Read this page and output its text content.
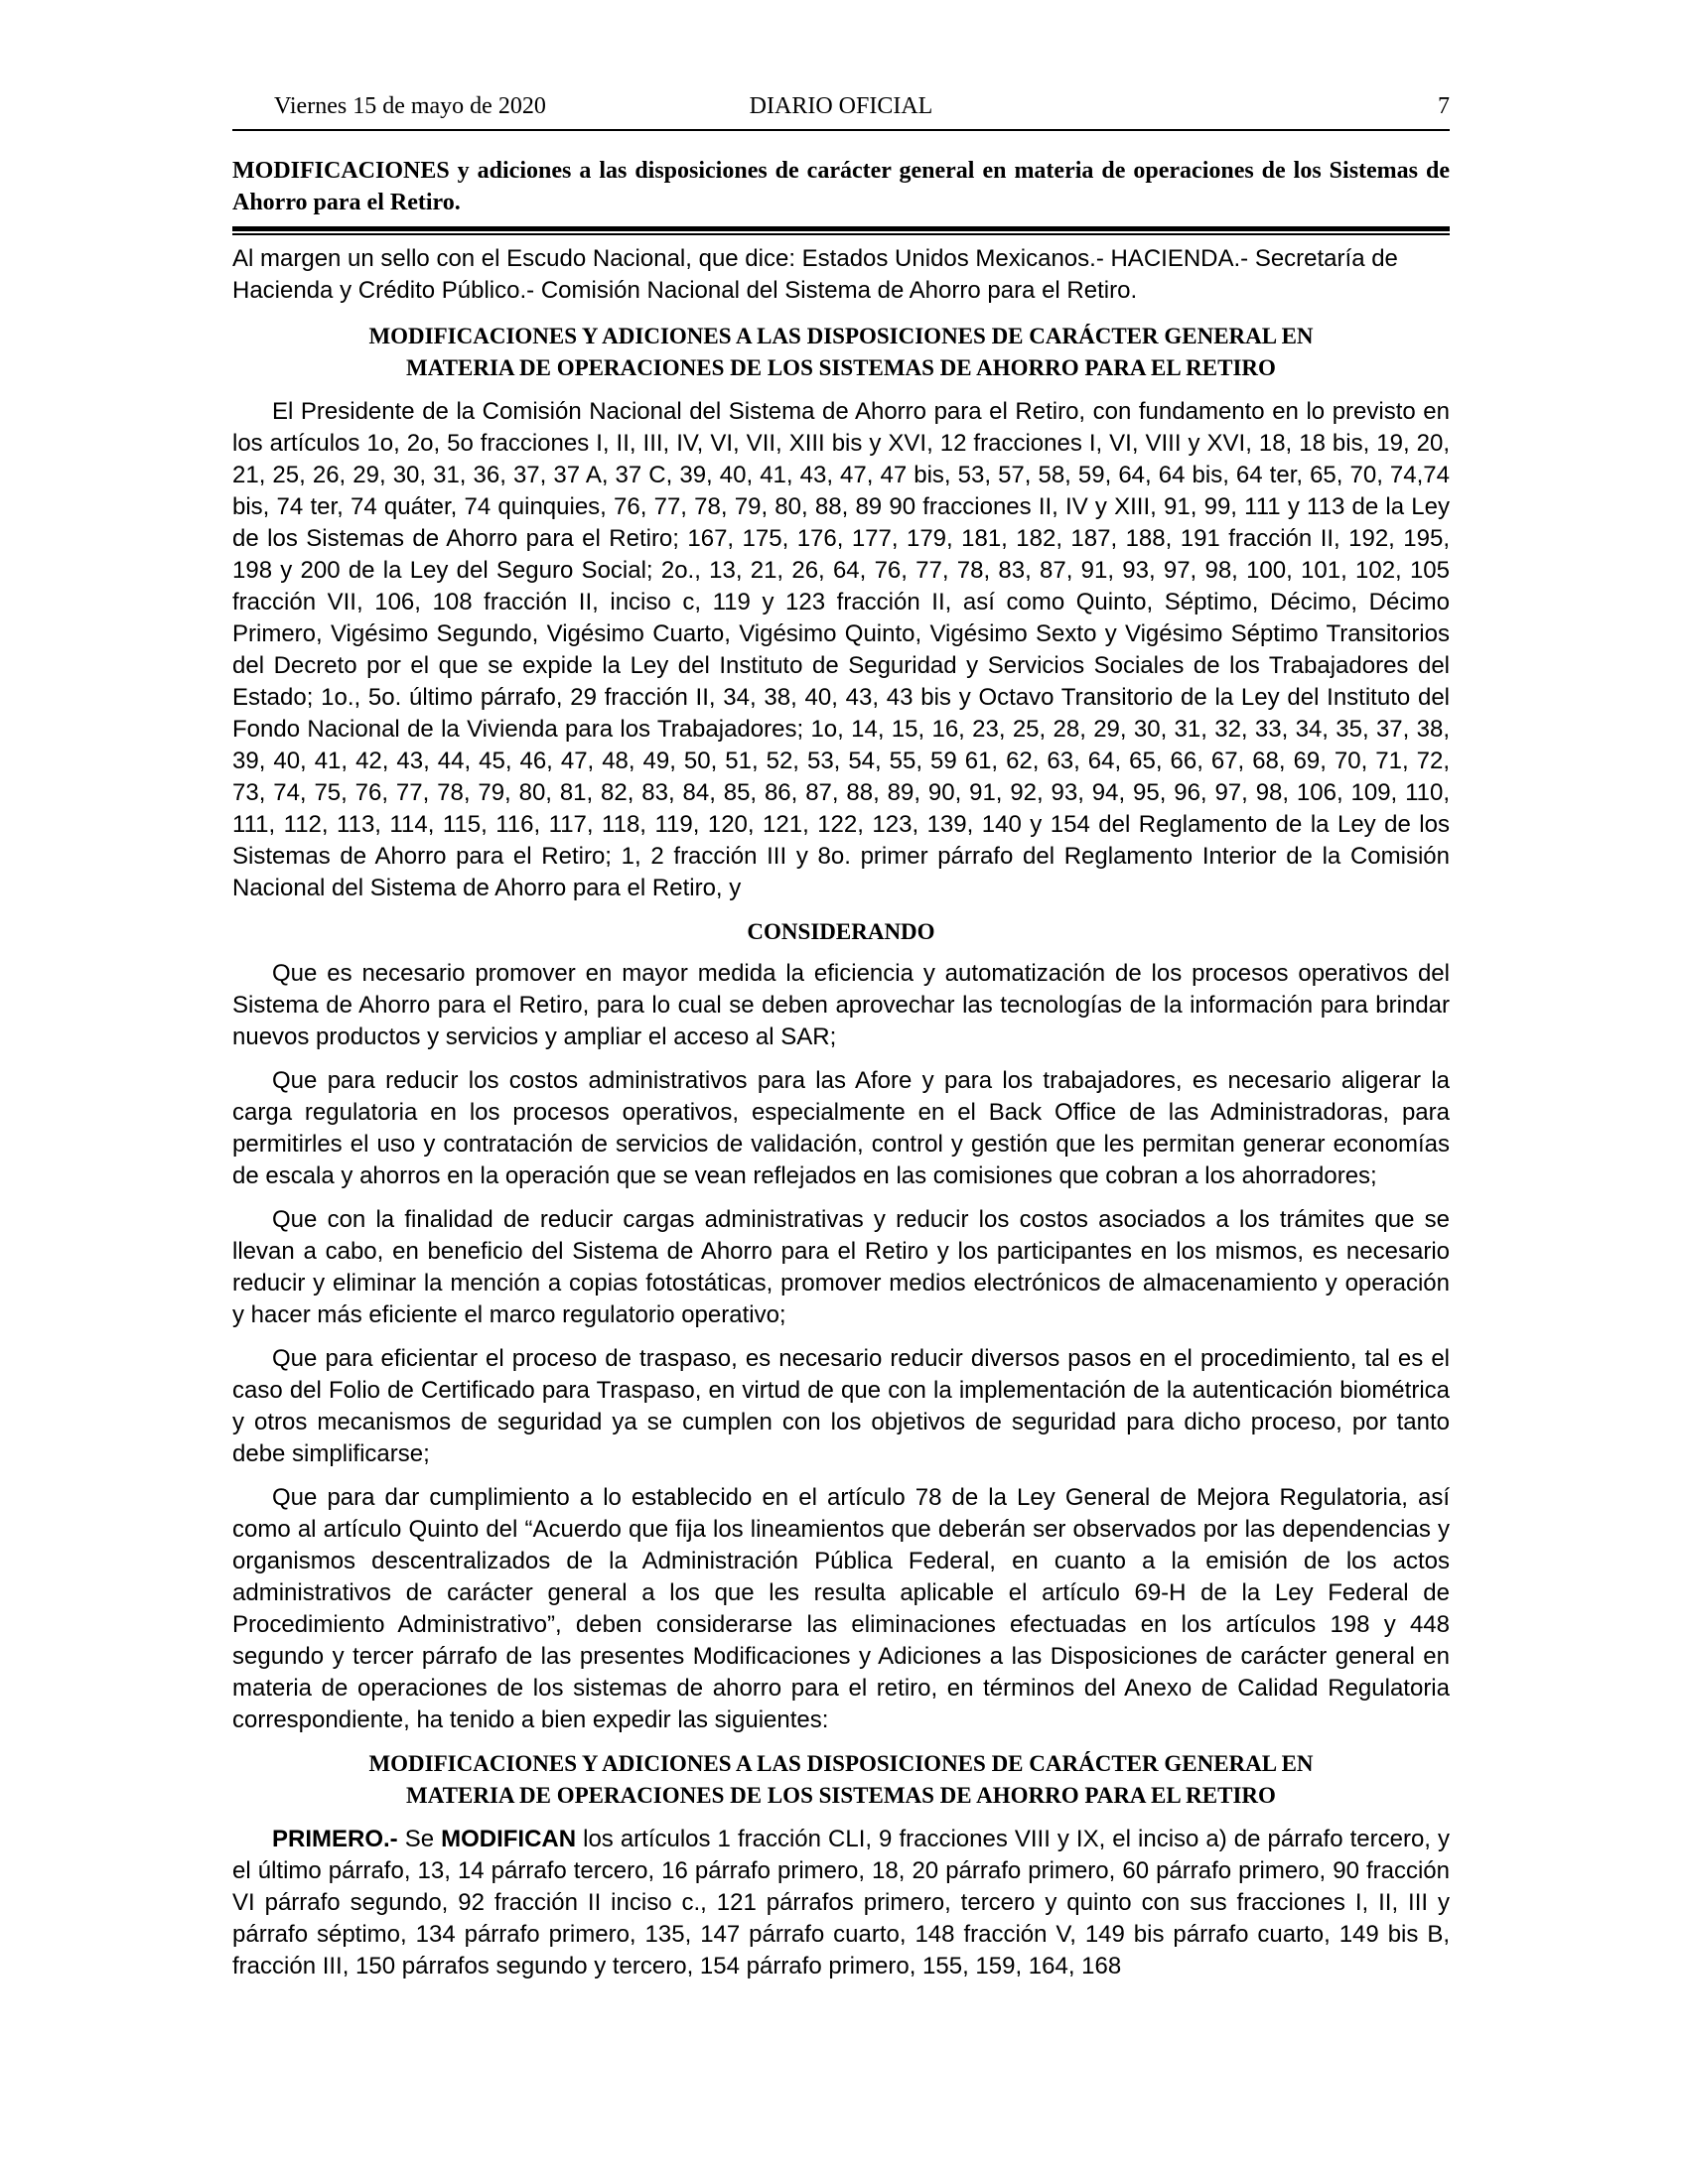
Viernes 15 de mayo de 2020	DIARIO OFICIAL	7
MODIFICACIONES y adiciones a las disposiciones de carácter general en materia de operaciones de los Sistemas de Ahorro para el Retiro.
Al margen un sello con el Escudo Nacional, que dice: Estados Unidos Mexicanos.- HACIENDA.- Secretaría de Hacienda y Crédito Público.- Comisión Nacional del Sistema de Ahorro para el Retiro.
MODIFICACIONES Y ADICIONES A LAS DISPOSICIONES DE CARÁCTER GENERAL EN
MATERIA DE OPERACIONES DE LOS SISTEMAS DE AHORRO PARA EL RETIRO

El Presidente de la Comisión Nacional del Sistema de Ahorro para el Retiro, con fundamento en lo previsto en los artículos 1o, 2o, 5o fracciones I, II, III, IV, VI, VII, XIII bis y XVI, 12 fracciones I, VI, VIII y XVI, 18, 18 bis, 19, 20, 21, 25, 26, 29, 30, 31, 36, 37, 37 A, 37 C, 39, 40, 41, 43, 47, 47 bis, 53, 57, 58, 59, 64, 64 bis, 64 ter, 65, 70, 74,74 bis, 74 ter, 74 quáter, 74 quinquies, 76, 77, 78, 79, 80, 88, 89 90 fracciones II, IV y XIII, 91, 99, 111 y 113 de la Ley de los Sistemas de Ahorro para el Retiro; 167, 175, 176, 177, 179, 181, 182, 187, 188, 191 fracción II, 192, 195, 198 y 200 de la Ley del Seguro Social; 2o., 13, 21, 26, 64, 76, 77, 78, 83, 87, 91, 93, 97, 98, 100, 101, 102, 105 fracción VII, 106, 108 fracción II, inciso c, 119 y 123 fracción II, así como Quinto, Séptimo, Décimo, Décimo Primero, Vigésimo Segundo, Vigésimo Cuarto, Vigésimo Quinto, Vigésimo Sexto y Vigésimo Séptimo Transitorios del Decreto por el que se expide la Ley del Instituto de Seguridad y Servicios Sociales de los Trabajadores del Estado; 1o., 5o. último párrafo, 29 fracción II, 34, 38, 40, 43, 43 bis y Octavo Transitorio de la Ley del Instituto del Fondo Nacional de la Vivienda para los Trabajadores; 1o, 14, 15, 16, 23, 25, 28, 29, 30, 31, 32, 33, 34, 35, 37, 38, 39, 40, 41, 42, 43, 44, 45, 46, 47, 48, 49, 50, 51, 52, 53, 54, 55, 59 61, 62, 63, 64, 65, 66, 67, 68, 69, 70, 71, 72, 73, 74, 75, 76, 77, 78, 79, 80, 81, 82, 83, 84, 85, 86, 87, 88, 89, 90, 91, 92, 93, 94, 95, 96, 97, 98, 106, 109, 110, 111, 112, 113, 114, 115, 116, 117, 118, 119, 120, 121, 122, 123, 139, 140 y 154 del Reglamento de la Ley de los Sistemas de Ahorro para el Retiro; 1, 2 fracción III y 8o. primer párrafo del Reglamento Interior de la Comisión Nacional del Sistema de Ahorro para el Retiro, y

CONSIDERANDO

Que es necesario promover en mayor medida la eficiencia y automatización de los procesos operativos del Sistema de Ahorro para el Retiro, para lo cual se deben aprovechar las tecnologías de la información para brindar nuevos productos y servicios y ampliar el acceso al SAR;

Que para reducir los costos administrativos para las Afore y para los trabajadores, es necesario aligerar la carga regulatoria en los procesos operativos, especialmente en el Back Office de las Administradoras, para permitirles el uso y contratación de servicios de validación, control y gestión que les permitan generar economías de escala y ahorros en la operación que se vean reflejados en las comisiones que cobran a los ahorradores;

Que con la finalidad de reducir cargas administrativas y reducir los costos asociados a los trámites que se llevan a cabo, en beneficio del Sistema de Ahorro para el Retiro y los participantes en los mismos, es necesario reducir y eliminar la mención a copias fotostáticas, promover medios electrónicos de almacenamiento y operación y hacer más eficiente el marco regulatorio operativo;

Que para eficientar el proceso de traspaso, es necesario reducir diversos pasos en el procedimiento, tal es el caso del Folio de Certificado para Traspaso, en virtud de que con la implementación de la autenticación biométrica y otros mecanismos de seguridad ya se cumplen con los objetivos de seguridad para dicho proceso, por tanto debe simplificarse;

Que para dar cumplimiento a lo establecido en el artículo 78 de la Ley General de Mejora Regulatoria, así como al artículo Quinto del “Acuerdo que fija los lineamientos que deberán ser observados por las dependencias y organismos descentralizados de la Administración Pública Federal, en cuanto a la emisión de los actos administrativos de carácter general a los que les resulta aplicable el artículo 69-H de la Ley Federal de Procedimiento Administrativo”, deben considerarse las eliminaciones efectuadas en los artículos 198 y 448 segundo y tercer párrafo de las presentes Modificaciones y Adiciones a las Disposiciones de carácter general en materia de operaciones de los sistemas de ahorro para el retiro, en términos del Anexo de Calidad Regulatoria correspondiente, ha tenido a bien expedir las siguientes:

MODIFICACIONES Y ADICIONES A LAS DISPOSICIONES DE CARÁCTER GENERAL EN
MATERIA DE OPERACIONES DE LOS SISTEMAS DE AHORRO PARA EL RETIRO

PRIMERO.- Se MODIFICAN los artículos 1 fracción CLI, 9 fracciones VIII y IX, el inciso a) de párrafo tercero, y el último párrafo, 13, 14 párrafo tercero, 16 párrafo primero, 18, 20 párrafo primero, 60 párrafo primero, 90 fracción VI párrafo segundo, 92 fracción II inciso c., 121 párrafos primero, tercero y quinto con sus fracciones I, II, III y párrafo séptimo, 134 párrafo primero, 135, 147 párrafo cuarto, 148 fracción V, 149 bis párrafo cuarto, 149 bis B, fracción III, 150 párrafos segundo y tercero, 154 párrafo primero, 155, 159, 164, 168
